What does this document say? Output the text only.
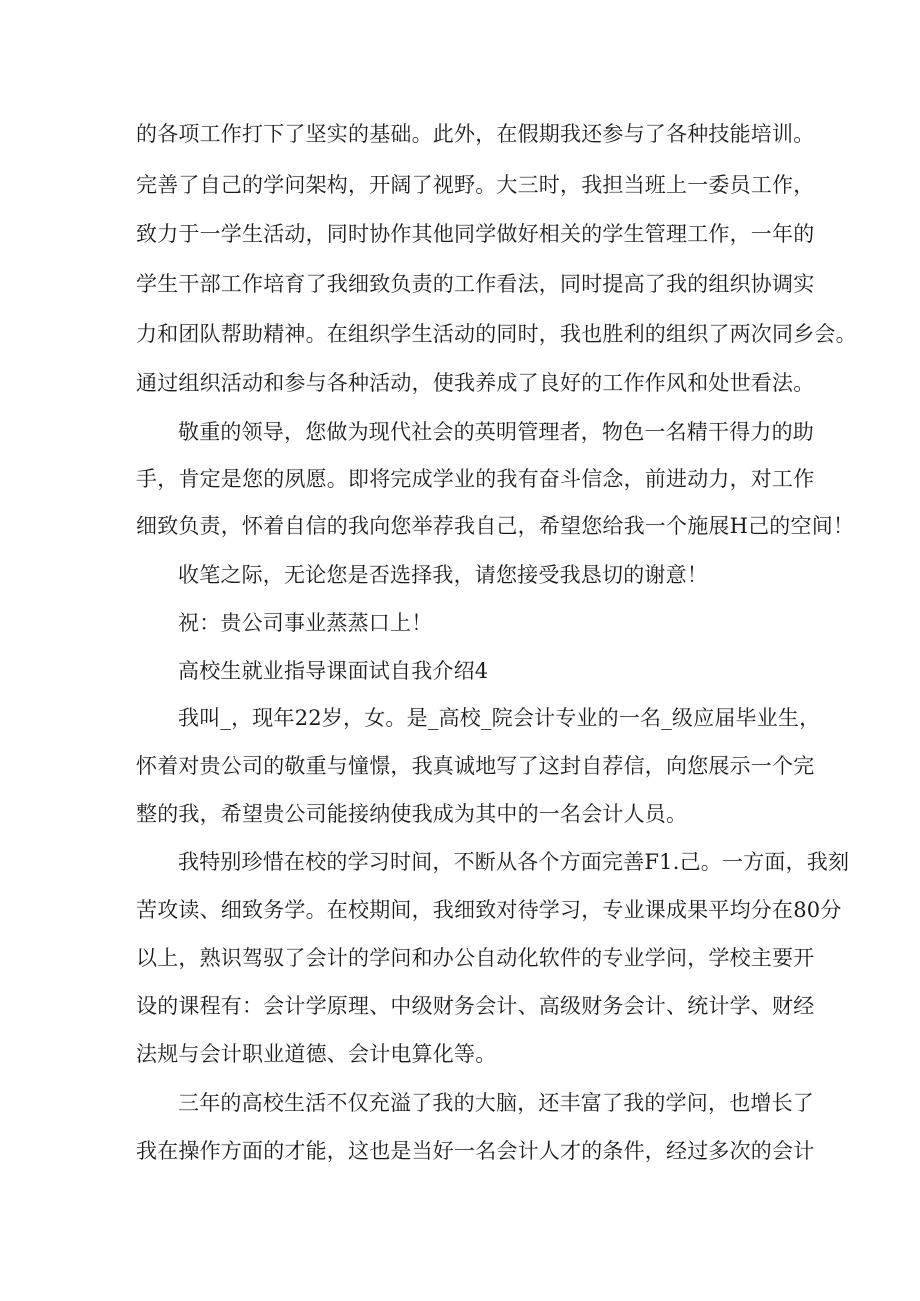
的各项工作打下了坚实的基础。此外，在假期我还参与了各种技能培训。
完善了自己的学问架构，开阔了视野。大三时，我担当班上一委员工作，
致力于一学生活动，同时协作其他同学做好相关的学生管理工作，一年的
学生干部工作培育了我细致负责的工作看法，同时提高了我的组织协调实
力和团队帮助精神。在组织学生活动的同时，我也胜利的组织了两次同乡会。
通过组织活动和参与各种活动，使我养成了良好的工作作风和处世看法。
敬重的领导，您做为现代社会的英明管理者，物色一名精干得力的助
手，肯定是您的夙愿。即将完成学业的我有奋斗信念，前进动力，对工作
细致负责，怀着自信的我向您举荐我自己，希望您给我一个施展H己的空间！
收笔之际，无论您是否选择我，请您接受我恳切的谢意！
祝：贵公司事业蒸蒸口上！
高校生就业指导课面试自我介绍4
我叫_，现年22岁，女。是_高校_院会计专业的一名_级应届毕业生，
怀着对贵公司的敬重与憧憬，我真诚地写了这封自荐信，向您展示一个完
整的我，希望贵公司能接纳使我成为其中的一名会计人员。
我特别珍惜在校的学习时间，不断从各个方面完善F1.己。一方面，我刻
苦攻读、细致务学。在校期间，我细致对待学习，专业课成果平均分在80分
以上，熟识驾驭了会计的学问和办公自动化软件的专业学问，学校主要开
设的课程有：会计学原理、中级财务会计、高级财务会计、统计学、财经
法规与会计职业道德、会计电算化等。
三年的高校生活不仅充溢了我的大脑，还丰富了我的学问，也增长了
我在操作方面的才能，这也是当好一名会计人才的条件，经过多次的会计
